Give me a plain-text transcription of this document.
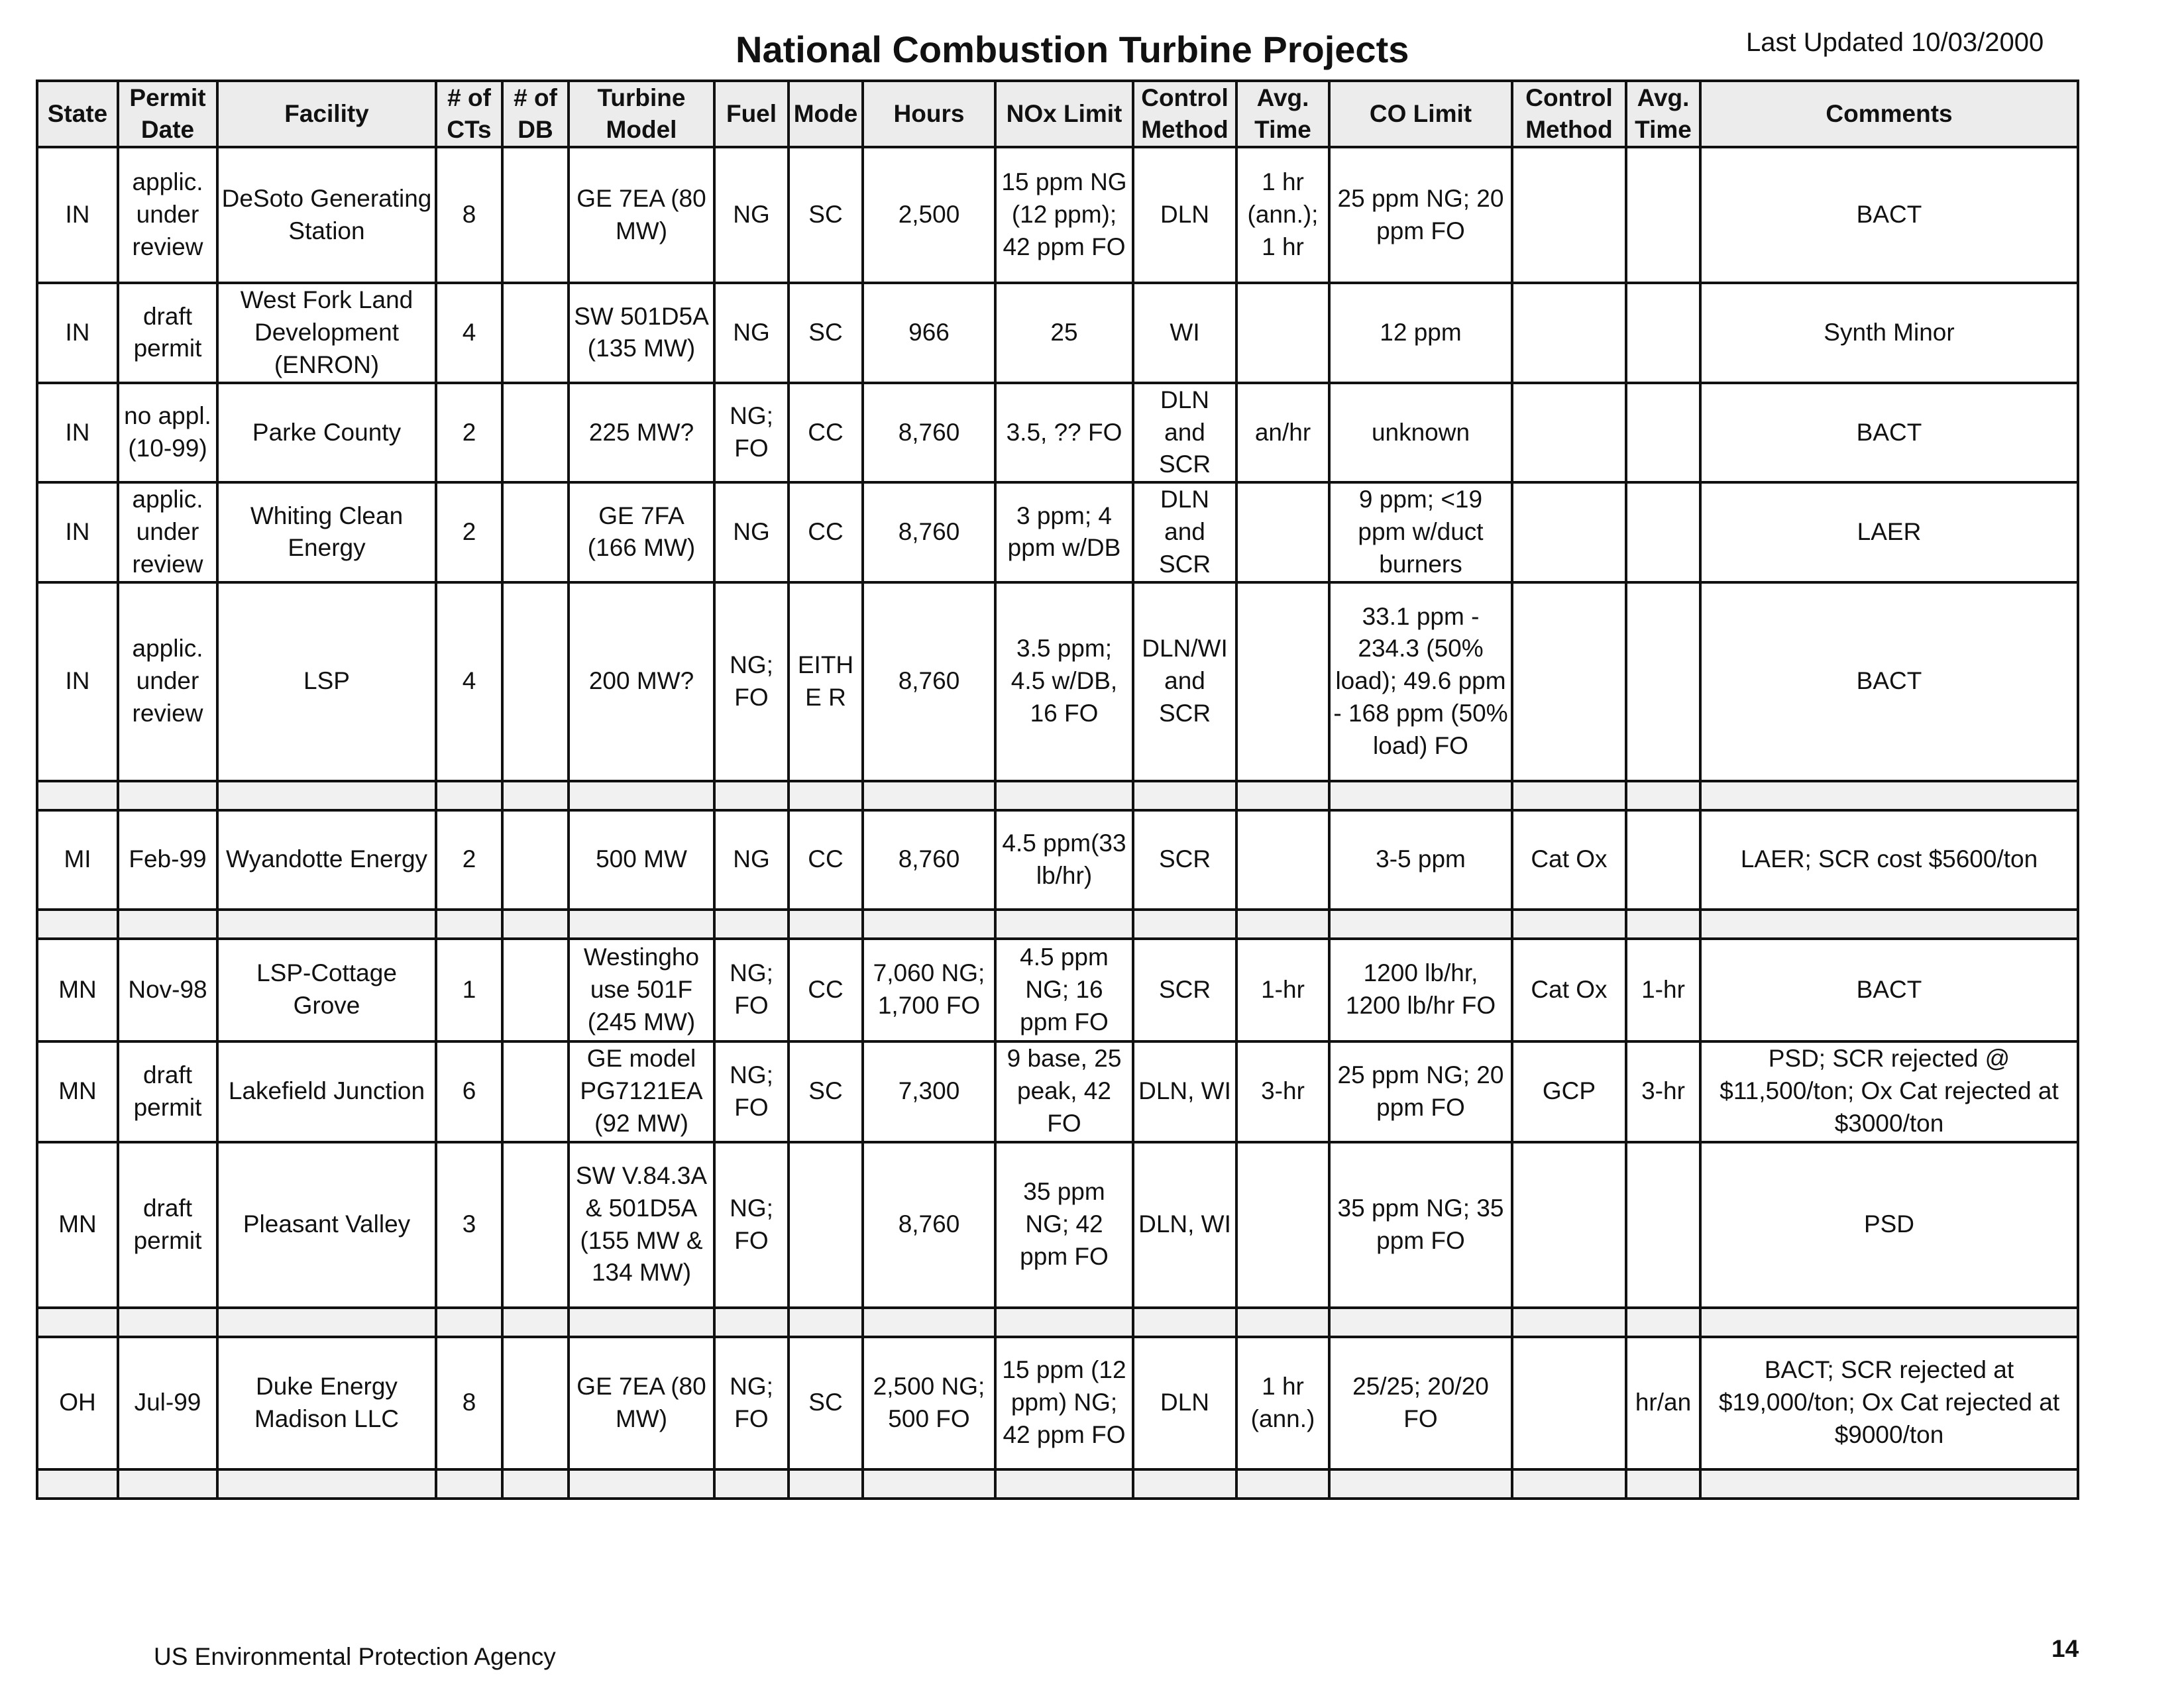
National Combustion Turbine Projects	Last Updated 10/03/2000
State	Permit Date	Facility	# of CTs	# of DB	Turbine Model	Fuel	Mode	Hours	NOx Limit	Control Method	Avg. Time	CO Limit	Control Method	Avg. Time	Comments
IN	applic. under review	DeSoto Generating Station	8		GE 7EA (80 MW)	NG	SC	2,500	15 ppm NG (12 ppm); 42 ppm FO	DLN	1 hr (ann.); 1 hr	25 ppm NG; 20 ppm FO			BACT
IN	draft permit	West Fork Land Development (ENRON)	4		SW 501D5A (135 MW)	NG	SC	966	25	WI		12 ppm			Synth Minor
IN	no appl. (10-99)	Parke County	2		225 MW?	NG; FO	CC	8,760	3.5, ?? FO	DLN and SCR	an/hr	unknown			BACT
IN	applic. under review	Whiting Clean Energy	2		GE 7FA (166 MW)	NG	CC	8,760	3 ppm; 4 ppm w/DB	DLN and SCR		9 ppm; <19 ppm w/duct burners			LAER
IN	applic. under review	LSP	4		200 MW?	NG; FO	EITHE R	8,760	3.5 ppm; 4.5 w/DB, 16 FO	DLN/WI and SCR		33.1 ppm - 234.3 (50% load); 49.6 ppm - 168 ppm (50% load) FO			BACT

MI	Feb-99	Wyandotte Energy	2		500 MW	NG	CC	8,760	4.5 ppm(33 lb/hr)	SCR		3-5 ppm	Cat Ox		LAER; SCR cost $5600/ton

MN	Nov-98	LSP-Cottage Grove	1		Westingho use 501F (245 MW)	NG; FO	CC	7,060 NG; 1,700 FO	4.5 ppm NG; 16 ppm FO	SCR	1-hr	1200 lb/hr, 1200 lb/hr FO	Cat Ox	1-hr	BACT
MN	draft permit	Lakefield Junction	6		GE model PG7121EA (92 MW)	NG; FO	SC	7,300	9 base, 25 peak, 42 FO	DLN, WI	3-hr	25 ppm NG; 20 ppm FO	GCP	3-hr	PSD; SCR rejected @ $11,500/ton; Ox Cat rejected at $3000/ton
MN	draft permit	Pleasant Valley	3		SW V.84.3A & 501D5A (155 MW & 134 MW)	NG; FO		8,760	35 ppm NG; 42 ppm FO	DLN, WI		35 ppm NG; 35 ppm FO			PSD

OH	Jul-99	Duke Energy Madison LLC	8		GE 7EA (80 MW)	NG; FO	SC	2,500 NG; 500 FO	15 ppm (12 ppm) NG; 42 ppm FO	DLN	1 hr (ann.)	25/25; 20/20 FO		hr/an	BACT; SCR rejected at $19,000/ton; Ox Cat rejected at $9000/ton

US Environmental Protection Agency	14
